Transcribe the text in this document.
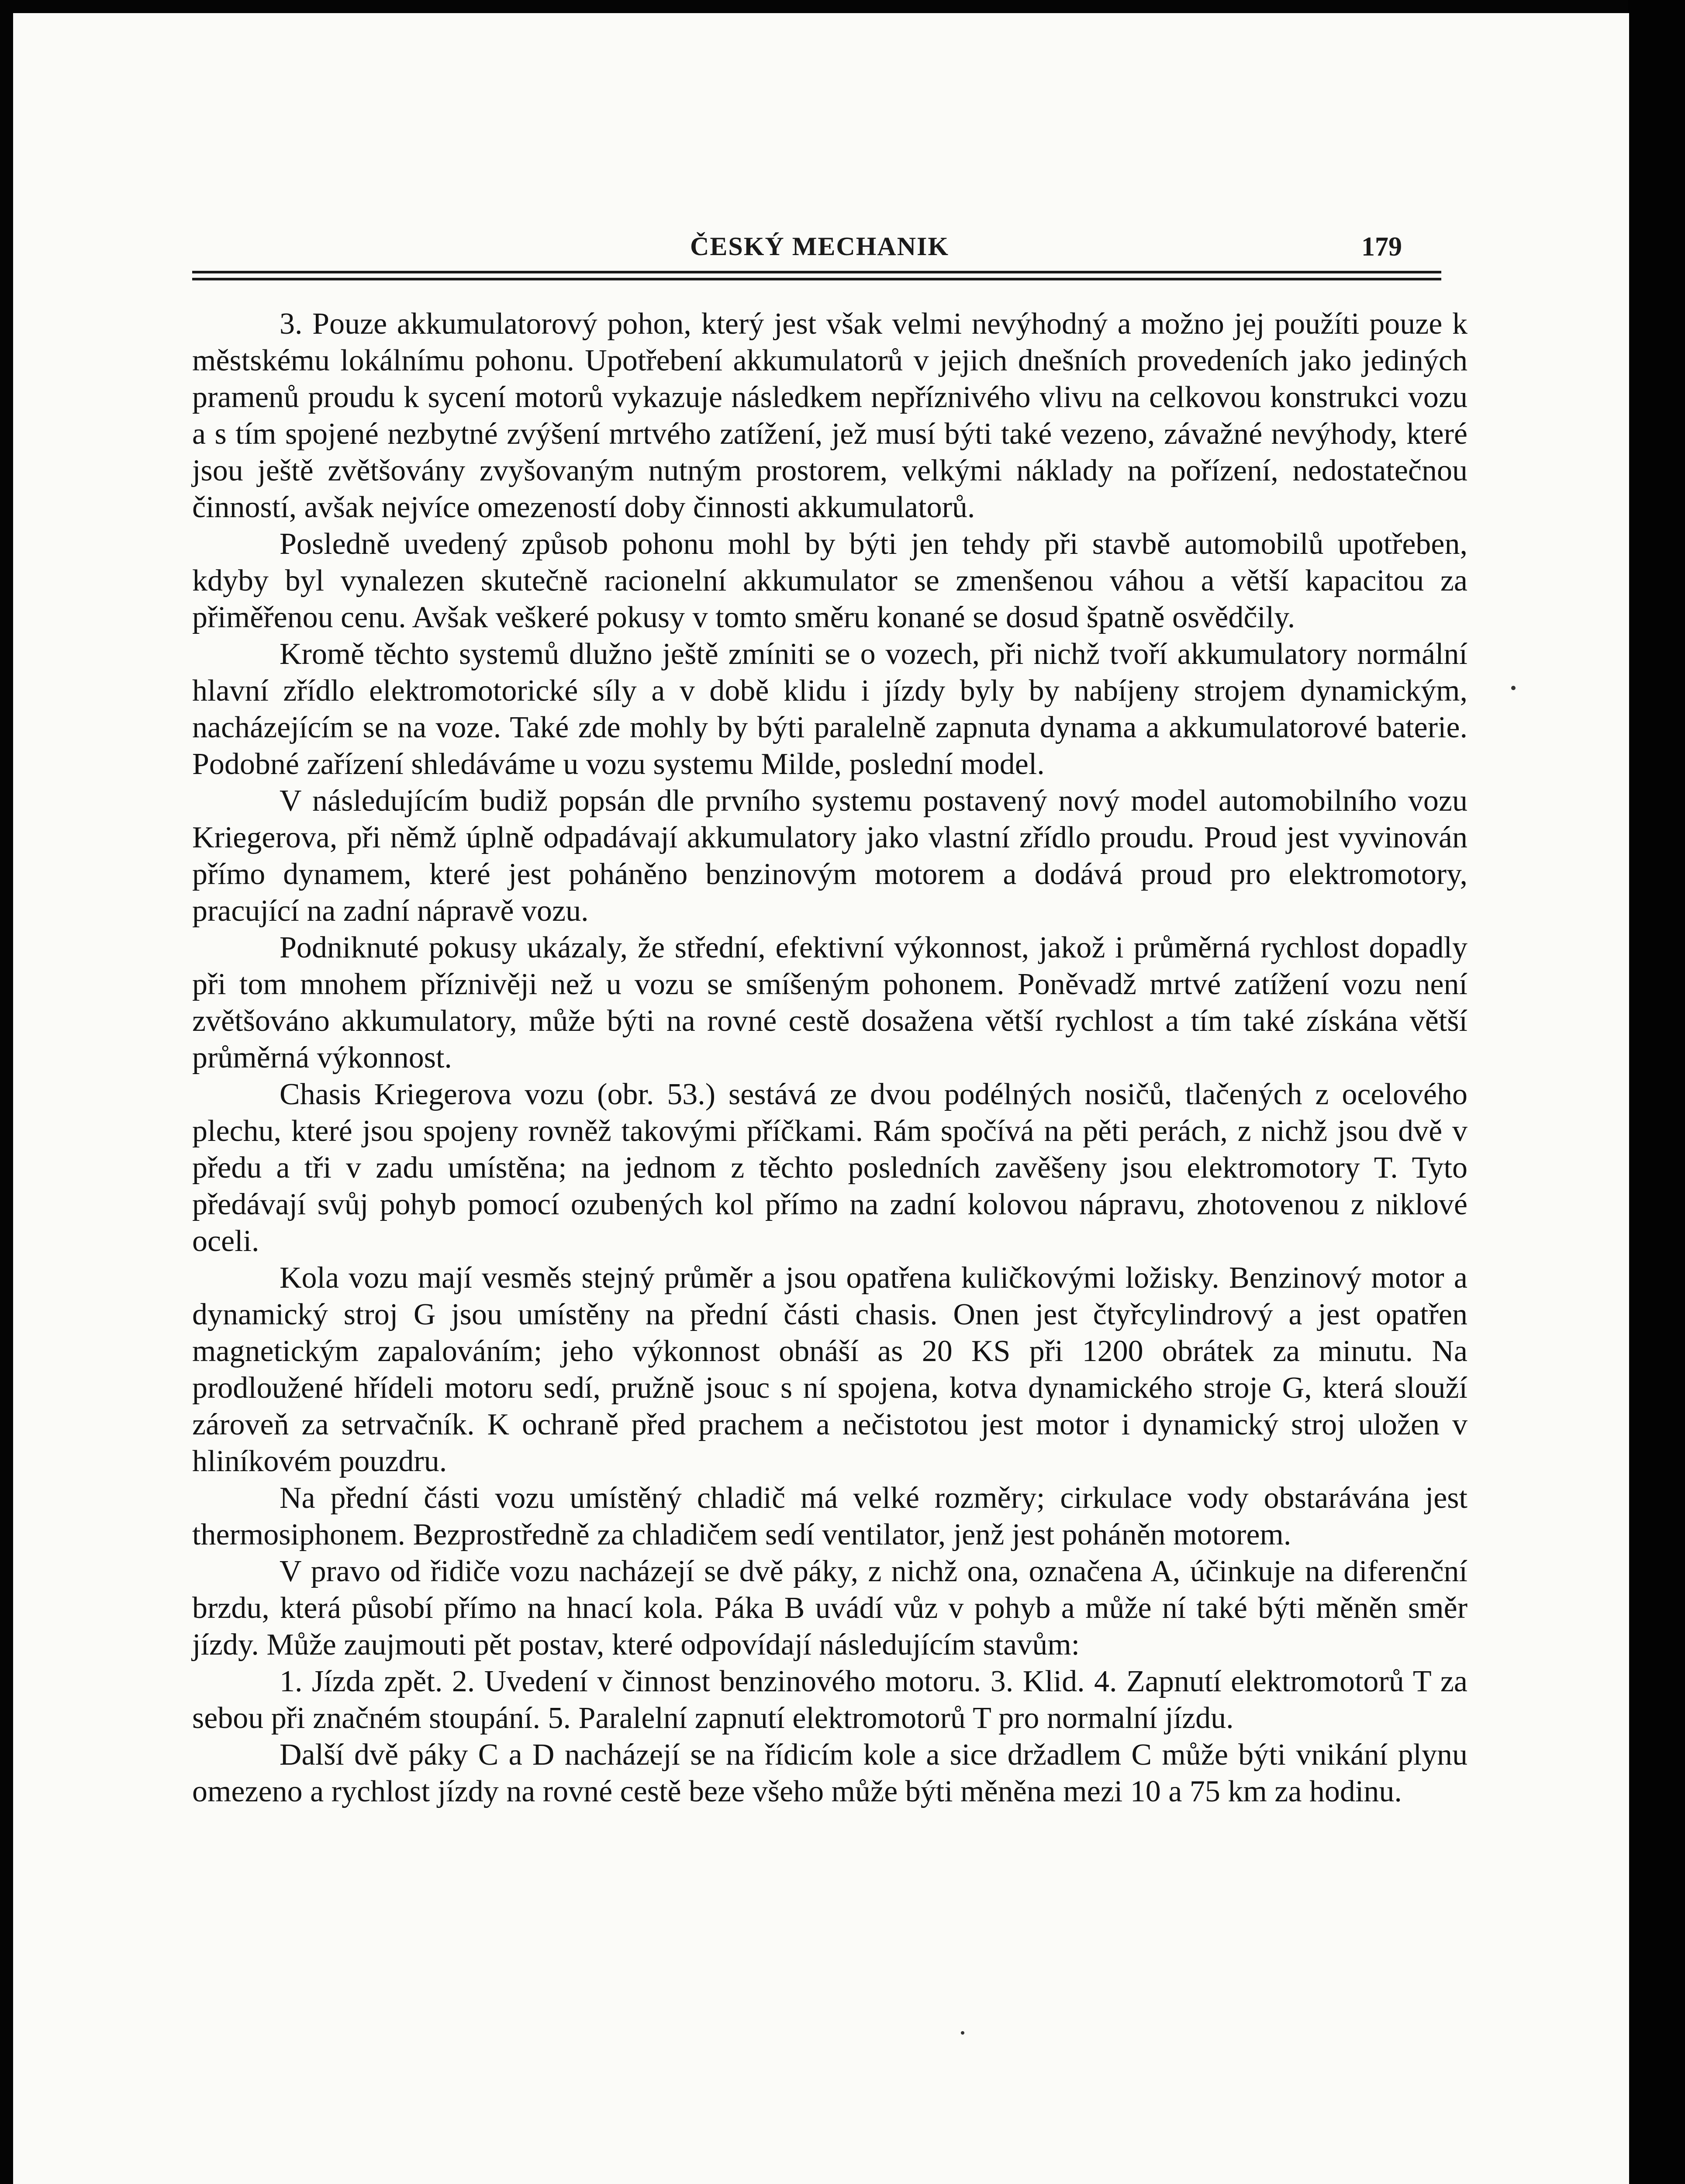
ČESKÝ MECHANIK	179

3. Pouze akkumulatorový pohon, který jest však velmi nevýhodný a možno jej použíti pouze k městskému lokálnímu pohonu. Upotřebení akkumulatorů v jejich dnešních provedeních jako jediných pramenů proudu k sycení motorů vykazuje následkem nepříznivého vlivu na celkovou konstrukci vozu a s tím spojené nezbytné zvýšení mrtvého zatížení, jež musí býti také vezeno, závažné nevýhody, které jsou ještě zvětšovány zvyšovaným nutným prostorem, velkými náklady na pořízení, nedostatečnou činností, avšak nejvíce omezeností doby činnosti akkumulatorů.

Posledně uvedený způsob pohonu mohl by býti jen tehdy při stavbě automobilů upotřeben, kdyby byl vynalezen skutečně racionelní akkumulator se zmenšenou váhou a větší kapacitou za přiměřenou cenu. Avšak veškeré pokusy v tomto směru konané se dosud špatně osvědčily.

Kromě těchto systemů dlužno ještě zmíniti se o vozech, při nichž tvoří akkumulatory normální hlavní zřídlo elektromotorické síly a v době klidu i jízdy byly by nabíjeny strojem dynamickým, nacházejícím se na voze. Také zde mohly by býti paralelně zapnuta dynama a akkumulatorové baterie. Podobné zařízení shledáváme u vozu systemu Milde, poslední model.

V následujícím budiž popsán dle prvního systemu postavený nový model automobilního vozu Kriegerova, při němž úplně odpadávají akkumulatory jako vlastní zřídlo proudu. Proud jest vyvinován přímo dynamem, které jest poháněno benzinovým motorem a dodává proud pro elektromotory, pracující na zadní nápravě vozu.

Podniknuté pokusy ukázaly, že střední, efektivní výkonnost, jakož i průměrná rychlost dopadly při tom mnohem příznivěji než u vozu se smíšeným pohonem. Poněvadž mrtvé zatížení vozu není zvětšováno akkumulatory, může býti na rovné cestě dosažena větší rychlost a tím také získána větší průměrná výkonnost.

Chasis Kriegerova vozu (obr. 53.) sestává ze dvou podélných nosičů, tlačených z ocelového plechu, které jsou spojeny rovněž takovými příčkami. Rám spočívá na pěti perách, z nichž jsou dvě v předu a tři v zadu umístěna; na jednom z těchto posledních zavěšeny jsou elektromotory T. Tyto předávají svůj pohyb pomocí ozubených kol přímo na zadní kolovou nápravu, zhotovenou z niklové oceli.

Kola vozu mají vesměs stejný průměr a jsou opatřena kuličkovými ložisky. Benzinový motor a dynamický stroj G jsou umístěny na přední části chasis. Onen jest čtyřcylindrový a jest opatřen magnetickým zapalováním; jeho výkonnost obnáší as 20 KS při 1200 obrátek za minutu. Na prodloužené hřídeli motoru sedí, pružně jsouc s ní spojena, kotva dynamického stroje G, která slouží zároveň za setrvačník. K ochraně před prachem a nečistotou jest motor i dynamický stroj uložen v hliníkovém pouzdru.

Na přední části vozu umístěný chladič má velké rozměry; cirkulace vody obstarávána jest thermosiphonem. Bezprostředně za chladičem sedí ventilator, jenž jest poháněn motorem.

V pravo od řidiče vozu nacházejí se dvě páky, z nichž ona, označena A, účinkuje na diferenční brzdu, která působí přímo na hnací kola. Páka B uvádí vůz v pohyb a může ní také býti měněn směr jízdy. Může zaujmouti pět postav, které odpovídají následujícím stavům:

1. Jízda zpět. 2. Uvedení v činnost benzinového motoru. 3. Klid. 4. Zapnutí elektromotorů T za sebou při značném stoupání. 5. Paralelní zapnutí elektromotorů T pro normalní jízdu.

Další dvě páky C a D nacházejí se na řídicím kole a sice držadlem C může býti vnikání plynu omezeno a rychlost jízdy na rovné cestě beze všeho může býti měněna mezi 10 a 75 km za hodinu.
